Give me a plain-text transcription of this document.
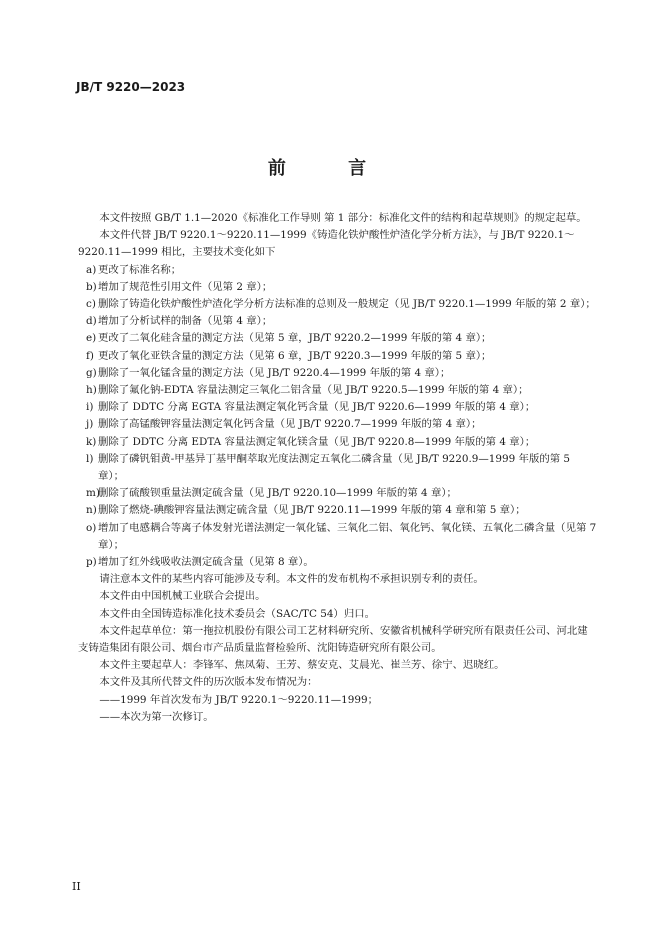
JB/T 9220—2023
前 言

本文件按照 GB/T 1.1—2020《标准化工作导则 第 1 部分：标准化文件的结构和起草规则》的规定起草。

本文件代替 JB/T 9220.1～9220.11—1999《铸造化铁炉酸性炉渣化学分析方法》，与 JB/T 9220.1～9220.11—1999 相比，主要技术变化如下

a) 更改了标准名称；
b) 增加了规范性引用文件（见第 2 章）；
c) 删除了铸造化铁炉酸性炉渣化学分析方法标准的总则及一般规定（见 JB/T 9220.1—1999 年版的第 2 章）；
d) 增加了分析试样的制备（见第 4 章）；
e) 更改了二氧化硅含量的测定方法（见第 5 章，JB/T 9220.2—1999 年版的第 4 章）；
f) 更改了氧化亚铁含量的测定方法（见第 6 章，JB/T 9220.3—1999 年版的第 5 章）；
g) 删除了一氧化锰含量的测定方法（见 JB/T 9220.4—1999 年版的第 4 章）；
h) 删除了氟化钠-EDTA 容量法测定三氧化二铝含量（见 JB/T 9220.5—1999 年版的第 4 章）；
i) 删除了 DDTC 分离 EGTA 容量法测定氧化钙含量（见 JB/T 9220.6—1999 年版的第 4 章）；
j) 删除了高锰酸钾容量法测定氧化钙含量（见 JB/T 9220.7—1999 年版的第 4 章）；
k) 删除了 DDTC 分离 EDTA 容量法测定氧化镁含量（见 JB/T 9220.8—1999 年版的第 4 章）；
l) 删除了磷钒钼黄-甲基异丁基甲酮萃取光度法测定五氧化二磷含量（见 JB/T 9220.9—1999 年版的第 5 章）；
m)
删除了硫酸钡重量法测定硫含量（见 JB/T 9220.10—1999 年版的第 4 章）；
n) 删除了燃烧-碘酸钾容量法测定硫含量（见 JB/T 9220.11—1999 年版的第 4 章和第 5 章）；
o) 增加了电感耦合等离子体发射光谱法测定一氧化锰、三氧化二铝、氧化钙、氧化镁、五氧化二磷含量（见第 7 章）；
p) 增加了红外线吸收法测定硫含量（见第 8 章）。

请注意本文件的某些内容可能涉及专利。本文件的发布机构不承担识别专利的责任。

本文件由中国机械工业联合会提出。

本文件由全国铸造标准化技术委员会（SAC/TC 54）归口。

本文件起草单位：第一拖拉机股份有限公司工艺材料研究所、安徽省机械科学研究所有限责任公司、河北建支铸造集团有限公司、烟台市产品质量监督检验所、沈阳铸造研究所有限公司。

本文件主要起草人：李锋军、焦凤菊、王芳、蔡安克、艾晨光、崔兰芳、徐宁、迟晓红。

本文件及其所代替文件的历次版本发布情况为：

——1999 年首次发布为 JB/T 9220.1～9220.11—1999；

——本次为第一次修订。

II
